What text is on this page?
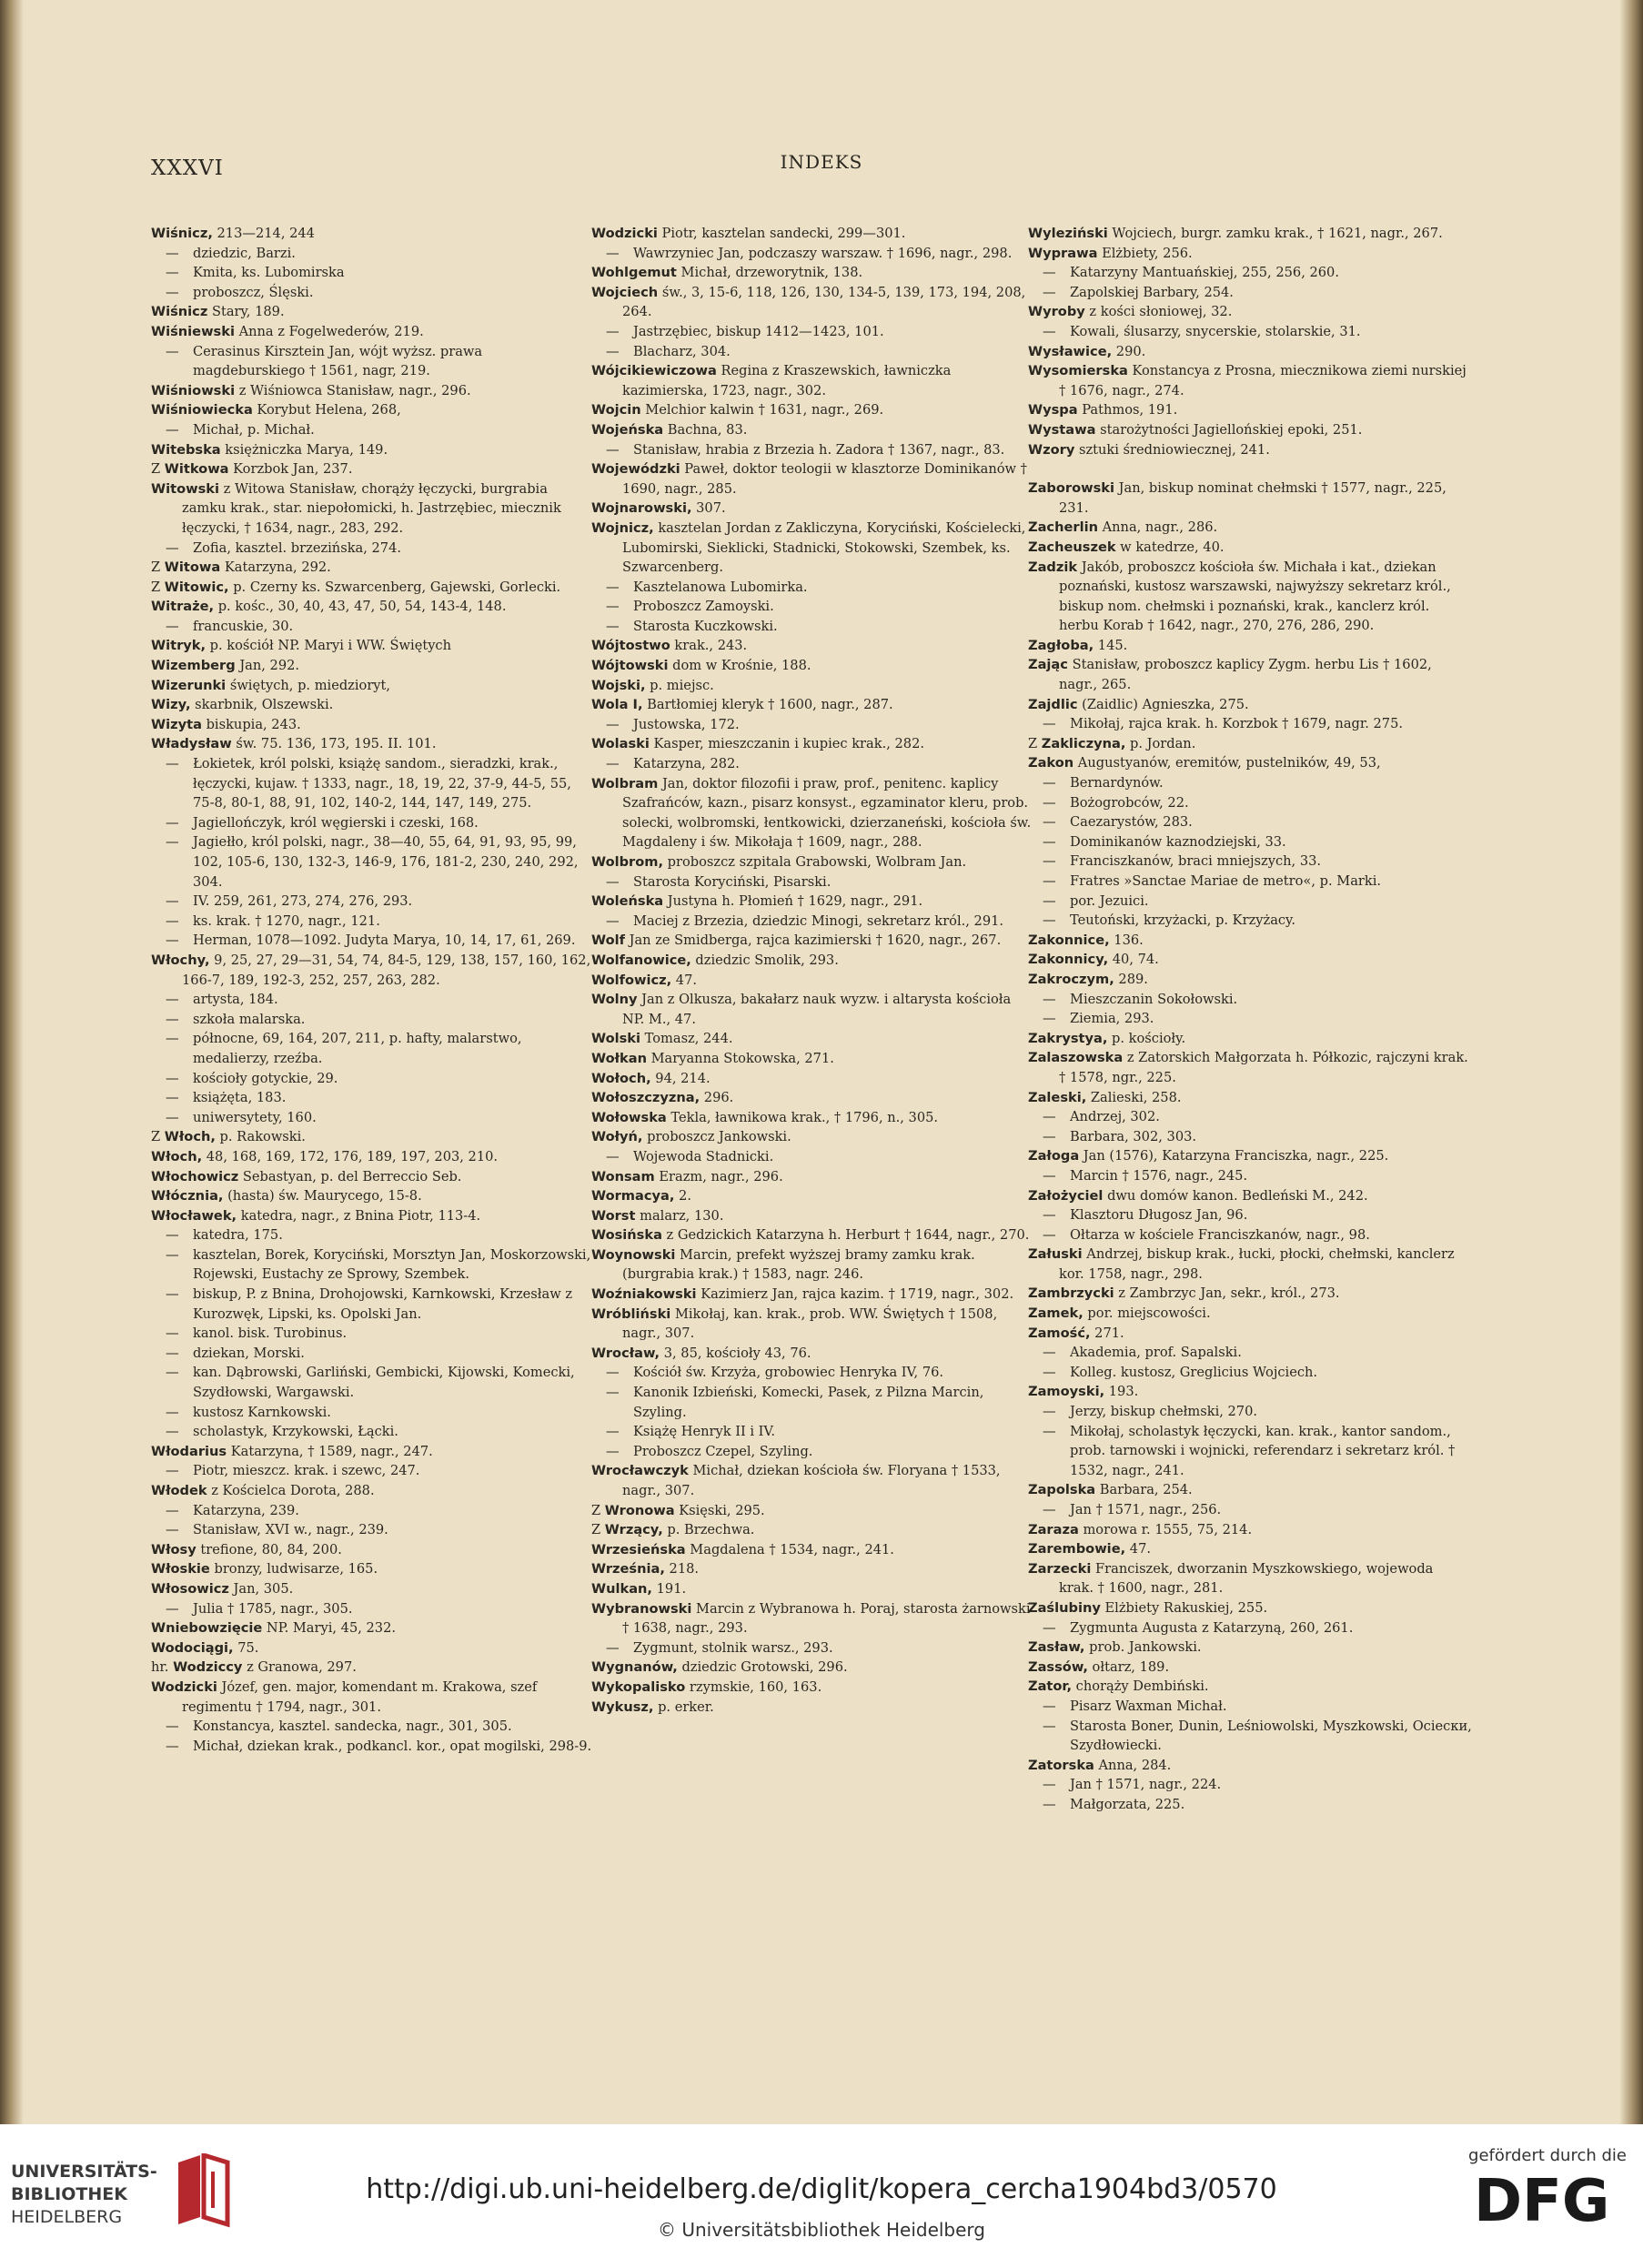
XXXVI	INDEKS

Wiśnicz, 213—214, 244

— dziedzic, Barzi.

— Kmita, ks. Lubomirska

— proboszcz, Ślęski.

Wiśnicz Stary, 189.

Wiśniewski Anna z Fogelwederów, 219.

— Cerasinus Kirsztein Jan, wójt wyższ. prawa magdeburskiego † 1561, nagr, 219.

Wiśniowski z Wiśniowca Stanisław, nagr., 296.

Wiśniowiecka Korybut Helena, 268,

— Michał, p. Michał.

Witebska księżniczka Marya, 149.

Z Witkowa Korzbok Jan, 237.

Witowski z Witowa Stanisław, chorąży łęczycki, burgrabia zamku krak., star. niepołomicki, h. Jastrzębiec, miecznik łęczycki, † 1634, nagr., 283, 292.

— Zofia, kasztel. brzezińska, 274.

Z Witowa Katarzyna, 292.

Z Witowic, p. Czerny ks. Szwarcenberg, Gajewski, Gorlecki.

Witraże, p. kośc., 30, 40, 43, 47, 50, 54, 143-4, 148.

— francuskie, 30.

Witryk, p. kościół NP. Maryi i WW. Świętych

Wizemberg Jan, 292.

Wizerunki świętych, p. miedzioryt,

Wizy, skarbnik, Olszewski.

Wizyta biskupia, 243.

Władysław św. 75. 136, 173, 195. II. 101.

— Łokietek, król polski, książę sandom., sieradzki, krak., łęczycki, kujaw. † 1333, nagr., 18, 19, 22, 37-9, 44-5, 55, 75-8, 80-1, 88, 91, 102, 140-2, 144, 147, 149, 275.

— Jagiellończyk, król węgierski i czeski, 168.

— Jagiełło, król polski, nagr., 38—40, 55, 64, 91, 93, 95, 99, 102, 105-6, 130, 132-3, 146-9, 176, 181-2, 230, 240, 292, 304.

— IV. 259, 261, 273, 274, 276, 293.

— ks. krak. † 1270, nagr., 121.

— Herman, 1078—1092. Judyta Marya, 10, 14, 17, 61, 269.

Włochy, 9, 25, 27, 29—31, 54, 74, 84-5, 129, 138, 157, 160, 162, 166-7, 189, 192-3, 252, 257, 263, 282.

— artysta, 184.

— szkoła malarska.

— północne, 69, 164, 207, 211, p. hafty, malarstwo, medalierzy, rzeźba.

— kościoły gotyckie, 29.

— książęta, 183.

— uniwersytety, 160.

Z Włoch, p. Rakowski.

Włoch, 48, 168, 169, 172, 176, 189, 197, 203, 210.

Włochowicz Sebastyan, p. del Berreccio Seb.

Włócznia, (hasta) św. Maurycego, 15-8.

Włocławek, katedra, nagr., z Bnina Piotr, 113-4.

— katedra, 175.

— kasztelan, Borek, Koryciński, Morsztyn Jan, Moskorzowski, Rojewski, Eustachy ze Sprowy, Szembek.

— biskup, P. z Bnina, Drohojowski, Karnkowski, Krzesław z Kurozwęk, Lipski, ks. Opolski Jan.

— kanol. bisk. Turobinus.

— dziekan, Morski.

— kan. Dąbrowski, Garliński, Gembicki, Kijowski, Komecki, Szydłowski, Wargawski.

— kustosz Karnkowski.

— scholastyk, Krzykowski, Łącki.

Włodarius Katarzyna, † 1589, nagr., 247.

— Piotr, mieszcz. krak. i szewc, 247.

Włodek z Kościelca Dorota, 288.

— Katarzyna, 239.

— Stanisław, XVI w., nagr., 239.

Włosy trefione, 80, 84, 200.

Włoskie bronzy, ludwisarze, 165.

Włosowicz Jan, 305.

— Julia † 1785, nagr., 305.

Wniebowzięcie NP. Maryi, 45, 232.

Wodociągi, 75.

hr. Wodziccy z Granowa, 297.

Wodzicki Józef, gen. major, komendant m. Krakowa, szef regimentu † 1794, nagr., 301.

— Konstancya, kasztel. sandecka, nagr., 301, 305.

— Michał, dziekan krak., podkancl. kor., opat mogilski, 298-9.

Wodzicki Piotr, kasztelan sandecki, 299—301.

— Wawrzyniec Jan, podczaszy warszaw. † 1696, nagr., 298.

Wohlgemut Michał, drzeworytnik, 138.

Wojciech św., 3, 15-6, 118, 126, 130, 134-5, 139, 173, 194, 208, 264.

— Jastrzębiec, biskup 1412—1423, 101.

— Blacharz, 304.

Wójcikiewiczowa Regina z Kraszewskich, ławniczka kazimierska, 1723, nagr., 302.

Wojcin Melchior kalwin † 1631, nagr., 269.

Wojeńska Bachna, 83.

— Stanisław, hrabia z Brzezia h. Zadora † 1367, nagr., 83.

Wojewódzki Paweł, doktor teologii w klasztorze Dominikanów † 1690, nagr., 285.

Wojnarowski, 307.

Wojnicz, kasztelan Jordan z Zakliczyna, Koryciński, Kościelecki, Lubomirski, Sieklicki, Stadnicki, Stokowski, Szembek, ks. Szwarcenberg.

— Kasztelanowa Lubomirka.

— Proboszcz Zamoyski.

— Starosta Kuczkowski.

Wójtostwo krak., 243.

Wójtowski dom w Krośnie, 188.

Wojski, p. miejsc.

Wola I, Bartłomiej kleryk † 1600, nagr., 287.

— Justowska, 172.

Wolaski Kasper, mieszczanin i kupiec krak., 282.

— Katarzyna, 282.

Wolbram Jan, doktor filozofii i praw, prof., penitenc. kaplicy Szafrańców, kazn., pisarz konsyst., egzaminator kleru, prob. solecki, wolbromski, łentkowicki, dzierzaneński, kościoła św. Magdaleny i św. Mikołaja † 1609, nagr., 288.

Wolbrom, proboszcz szpitala Grabowski, Wolbram Jan.

— Starosta Koryciński, Pisarski.

Woleńska Justyna h. Płomień † 1629, nagr., 291.

— Maciej z Brzezia, dziedzic Minogi, sekretarz król., 291.

Wolf Jan ze Smidberga, rajca kazimierski † 1620, nagr., 267.

Wolfanowice, dziedzic Smolik, 293.

Wolfowicz, 47.

Wolny Jan z Olkusza, bakałarz nauk wyzw. i altarysta kościoła NP. M., 47.

Wolski Tomasz, 244.

Wołkan Maryanna Stokowska, 271.

Wołoch, 94, 214.

Wołoszczyzna, 296.

Wołowska Tekla, ławnikowa krak., † 1796, n., 305.

Wołyń, proboszcz Jankowski.

— Wojewoda Stadnicki.

Wonsam Erazm, nagr., 296.

Wormacya, 2.

Worst malarz, 130.

Wosińska z Gedzickich Katarzyna h. Herburt † 1644, nagr., 270.

Woynowski Marcin, prefekt wyższej bramy zamku krak. (burgrabia krak.) † 1583, nagr. 246.

Woźniakowski Kazimierz Jan, rajca kazim. † 1719, nagr., 302.

Wróbliński Mikołaj, kan. krak., prob. WW. Świętych † 1508, nagr., 307.

Wrocław, 3, 85, kościoły 43, 76.

— Kościół św. Krzyża, grobowiec Henryka IV, 76.

— Kanonik Izbieński, Komecki, Pasek, z Pilzna Marcin, Szyling.

— Książę Henryk II i IV.

— Proboszcz Czepel, Szyling.

Wrocławczyk Michał, dziekan kościoła św. Floryana † 1533, nagr., 307.

Z Wronowa Księski, 295.

Z Wrzący, p. Brzechwa.

Wrzesieńska Magdalena † 1534, nagr., 241.

Września, 218.

Wulkan, 191.

Wybranowski Marcin z Wybranowa h. Poraj, starosta żarnowski † 1638, nagr., 293.

— Zygmunt, stolnik warsz., 293.

Wygnanów, dziedzic Grotowski, 296.

Wykopalisko rzymskie, 160, 163.

Wykusz, p. erker.

Wyleziński Wojciech, burgr. zamku krak., † 1621, nagr., 267.

Wyprawa Elżbiety, 256.

— Katarzyny Mantuańskiej, 255, 256, 260.

— Zapolskiej Barbary, 254.

Wyroby z kości słoniowej, 32.

— Kowali, ślusarzy, snycerskie, stolarskie, 31.

Wysławice, 290.

Wysomierska Konstancya z Prosna, miecznikowa ziemi nurskiej † 1676, nagr., 274.

Wyspa Pathmos, 191.

Wystawa starożytności Jagiellońskiej epoki, 251.

Wzory sztuki średniowiecznej, 241.

Zaborowski Jan, biskup nominat chełmski † 1577, nagr., 225, 231.

Zacherlin Anna, nagr., 286.

Zacheuszek w katedrze, 40.

Zadzik Jakób, proboszcz kościoła św. Michała i kat., dziekan poznański, kustosz warszawski, najwyższy sekretarz król., biskup nom. chełmski i poznański, krak., kanclerz król. herbu Korab † 1642, nagr., 270, 276, 286, 290.

Zagłoba, 145.

Zając Stanisław, proboszcz kaplicy Zygm. herbu Lis † 1602, nagr., 265.

Zajdlic (Zaidlic) Agnieszka, 275.

— Mikołaj, rajca krak. h. Korzbok † 1679, nagr. 275.

Z Zakliczyna, p. Jordan.

Zakon Augustyanów, eremitów, pustelników, 49, 53,

— Bernardynów.

— Bożogrobców, 22.

— Caezarystów, 283.

— Dominikanów kaznodziejski, 33.

— Franciszkanów, braci mniejszych, 33.

— Fratres »Sanctae Mariae de metro«, p. Marki.

— por. Jezuici.

— Teutoński, krzyżacki, p. Krzyżacy.

Zakonnice, 136.

Zakonnicy, 40, 74.

Zakroczym, 289.

— Mieszczanin Sokołowski.

— Ziemia, 293.

Zakrystya, p. kościoły.

Zalaszowska z Zatorskich Małgorzata h. Półkozic, rajczyni krak. † 1578, ngr., 225.

Zaleski, Zalieski, 258.

— Andrzej, 302.

— Barbara, 302, 303.

Załoga Jan (1576), Katarzyna Franciszka, nagr., 225.

— Marcin † 1576, nagr., 245.

Założyciel dwu domów kanon. Bedleński M., 242.

— Klasztoru Długosz Jan, 96.

— Ołtarza w kościele Franciszkanów, nagr., 98.

Załuski Andrzej, biskup krak., łucki, płocki, chełmski, kanclerz kor. 1758, nagr., 298.

Zambrzycki z Zambrzyc Jan, sekr., król., 273.

Zamek, por. miejscowości.

Zamość, 271.

— Akademia, prof. Sapalski.

— Kolleg. kustosz, Greglicius Wojciech.

Zamoyski, 193.

— Jerzy, biskup chełmski, 270.

— Mikołaj, scholastyk łęczycki, kan. krak., kantor sandom., prob. tarnowski i wojnicki, referendarz i sekretarz król. † 1532, nagr., 241.

Zapolska Barbara, 254.

— Jan † 1571, nagr., 256.

Zaraza morowa r. 1555, 75, 214.

Zarembowie, 47.

Zarzecki Franciszek, dworzanin Myszkowskiego, wojewoda krak. † 1600, nagr., 281.

Zaślubiny Elżbiety Rakuskiej, 255.

— Zygmunta Augusta z Katarzyną, 260, 261.

Zasław, prob. Jankowski.

Zassów, ołtarz, 189.

Zator, chorąży Dembiński.

— Pisarz Waxman Michał.

— Starosta Boner, Dunin, Leśniowolski, Myszkowski, Ociески, Szydłowiecki.

Zatorska Anna, 284.

— Jan † 1571, nagr., 224.

— Małgorzata, 225.

UNIVERSITÄTS-
BIBLIOTHEK
HEIDELBERG
http://digi.ub.uni-heidelberg.de/diglit/kopera_cercha1904bd3/0570
© Universitätsbibliothek Heidelberg
gefördert durch die
DFG
